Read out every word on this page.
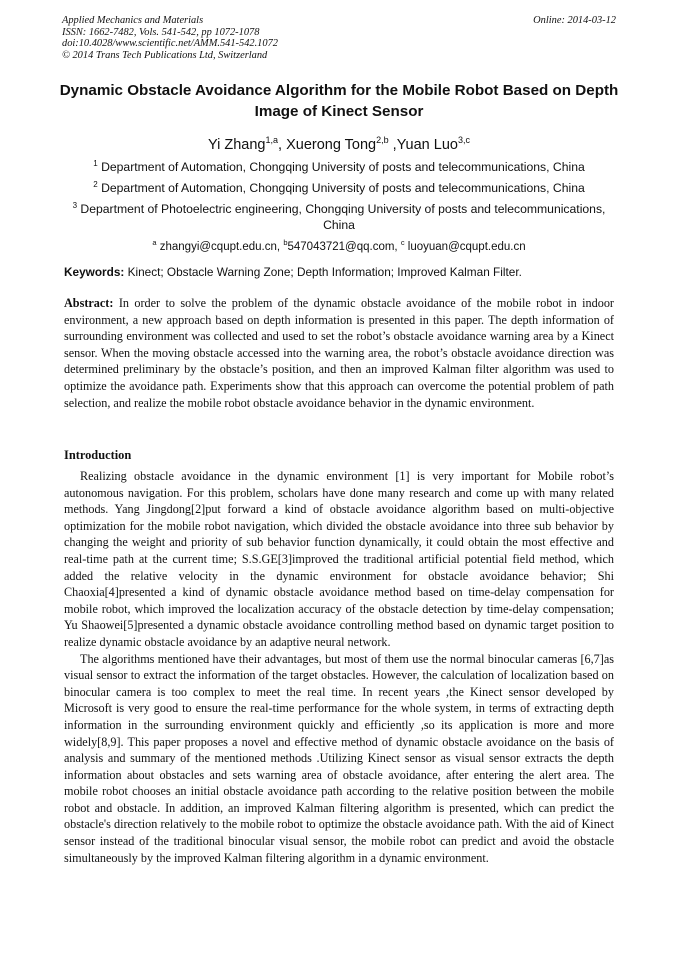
Applied Mechanics and Materials
ISSN: 1662-7482, Vols. 541-542, pp 1072-1078
doi:10.4028/www.scientific.net/AMM.541-542.1072
© 2014 Trans Tech Publications Ltd, Switzerland
Online: 2014-03-12
Dynamic Obstacle Avoidance Algorithm for the Mobile Robot Based on Depth Image of Kinect Sensor
Yi Zhang$^{1,a}$, Xuerong Tong$^{2,b}$ ,Yuan Luo$^{3,c}$
$^1$ Department of Automation, Chongqing University of posts and telecommunications, China
$^2$ Department of Automation, Chongqing University of posts and telecommunications, China
$^3$ Department of Photoelectric engineering, Chongqing University of posts and telecommunications, China
$^a$ zhangyi@cqupt.edu.cn, $^b$547043721@qq.com, $^c$ luoyuan@cqupt.edu.cn
Keywords: Kinect; Obstacle Warning Zone; Depth Information; Improved Kalman Filter.
Abstract: In order to solve the problem of the dynamic obstacle avoidance of the mobile robot in indoor environment, a new approach based on depth information is presented in this paper. The depth information of surrounding environment was collected and used to set the robot’s obstacle avoidance warning area by a Kinect sensor. When the moving obstacle accessed into the warning area, the robot’s obstacle avoidance direction was determined preliminary by the obstacle’s position, and then an improved Kalman filter algorithm was used to optimize the avoidance path. Experiments show that this approach can overcome the potential problem of path selection, and realize the mobile robot obstacle avoidance behavior in the dynamic environment.
Introduction

Realizing obstacle avoidance in the dynamic environment [1] is very important for Mobile robot’s autonomous navigation. For this problem, scholars have done many research and come up with many related methods. Yang Jingdong[2]put forward a kind of obstacle avoidance algorithm based on multi-objective optimization for the mobile robot navigation, which divided the obstacle avoidance into three sub behavior by changing the weight and priority of sub behavior function dynamically, it could obtain the most effective and real-time path at the current time; S.S.GE[3]improved the traditional artificial potential field method, which added the relative velocity in the dynamic environment for obstacle avoidance behavior; Shi Chaoxia[4]presented a kind of dynamic obstacle avoidance method based on time-delay compensation for mobile robot, which improved the localization accuracy of the obstacle detection by time-delay compensation; Yu Shaowei[5]presented a dynamic obstacle avoidance controlling method based on dynamic target position to realize dynamic obstacle avoidance by an adaptive neural network.

The algorithms mentioned have their advantages, but most of them use the normal binocular cameras [6,7]as visual sensor to extract the information of the target obstacles. However, the calculation of localization based on binocular camera is too complex to meet the real time. In recent years ,the Kinect sensor developed by Microsoft is very good to ensure the real-time performance for the whole system, in terms of extracting depth information in the surrounding environment quickly and efficiently ,so its application is more and more widely[8,9]. This paper proposes a novel and effective method of dynamic obstacle avoidance on the basis of analysis and summary of the mentioned methods .Utilizing Kinect sensor as visual sensor extracts the depth information about obstacles and sets warning area of obstacle avoidance, after entering the alert area. The mobile robot chooses an initial obstacle avoidance path according to the relative position between the mobile robot and obstacle. In addition, an improved Kalman filtering algorithm is presented, which can predict the obstacle's direction relatively to the mobile robot to optimize the obstacle avoidance path. With the aid of Kinect sensor instead of the traditional binocular visual sensor, the mobile robot can predict and avoid the obstacle simultaneously by the improved Kalman filtering algorithm in a dynamic environment.
